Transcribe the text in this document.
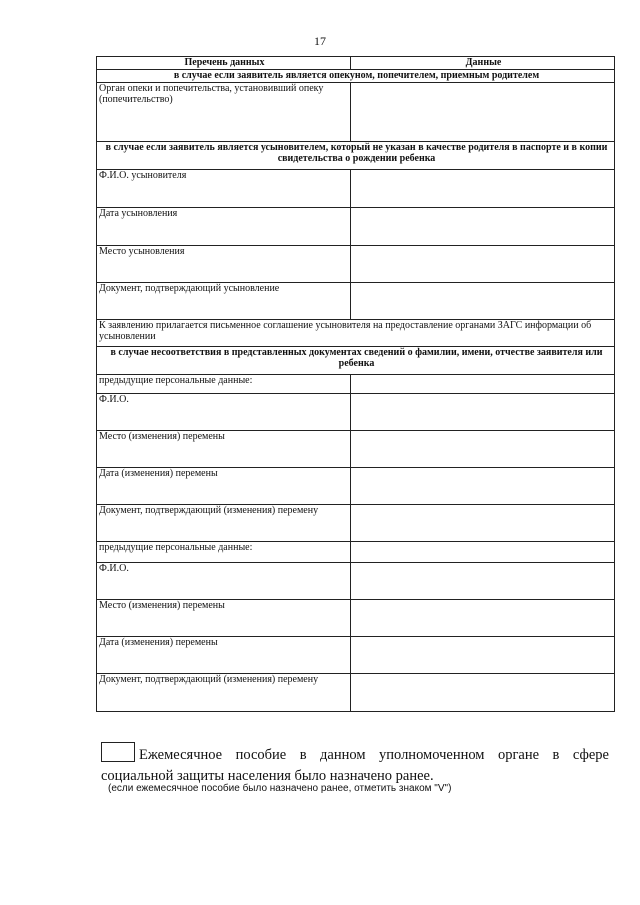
17
Перечень данных	Данные
в случае если заявитель является опекуном, попечителем, приемным родителем	
Орган опеки и попечительства, установивший опеку (попечительство)	
в случае если заявитель является усыновителем, который не указан в качестве родителя в паспорте и в копии свидетельства о рождении ребенка	
Ф.И.О. усыновителя	
Дата усыновления	
Место усыновления	
Документ, подтверждающий усыновление	
К заявлению прилагается письменное соглашение усыновителя на предоставление органами ЗАГС информации об усыновлении	
в случае несоответствия в представленных документах сведений о фамилии, имени, отчестве заявителя или ребенка	
предыдущие персональные данные:	
Ф.И.О.	
Место (изменения) перемены	
Дата (изменения) перемены	
Документ, подтверждающий (изменения) перемену	
предыдущие персональные данные:	
Ф.И.О.	
Место (изменения) перемены	
Дата (изменения) перемены	
Документ, подтверждающий (изменения) перемену	
Ежемесячное пособие в данном уполномоченном органе в сфере социальной защиты населения было назначено ранее.
(если ежемесячное пособие было назначено ранее, отметить знаком "V")
